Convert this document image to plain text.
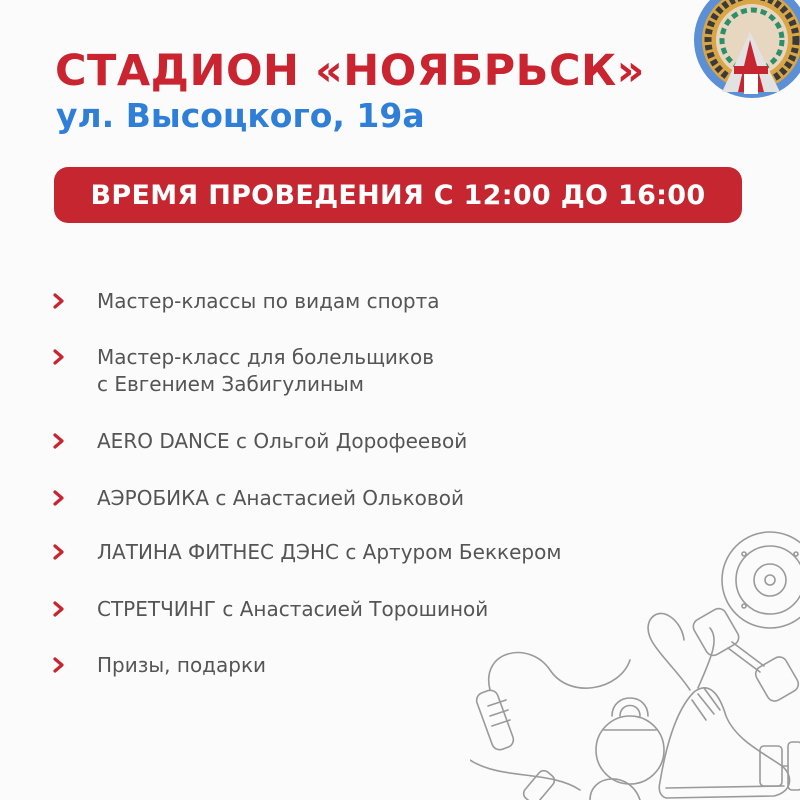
СТАДИОН «НОЯБРЬСК»

ул. Высоцкого, 19а

ВРЕМЯ ПРОВЕДЕНИЯ С 12:00 ДО 16:00
Мастер-классы по видам спорта
Мастер-класс для болельщиков
с Евгением Забигулиным
AERO DANCE с Ольгой Дорофеевой
АЭРОБИКА с Анастасией Ольковой
ЛАТИНА ФИТНЕС ДЭНС с Артуром Беккером
СТРЕТЧИНГ с Анастасией Торошиной
Призы, подарки
